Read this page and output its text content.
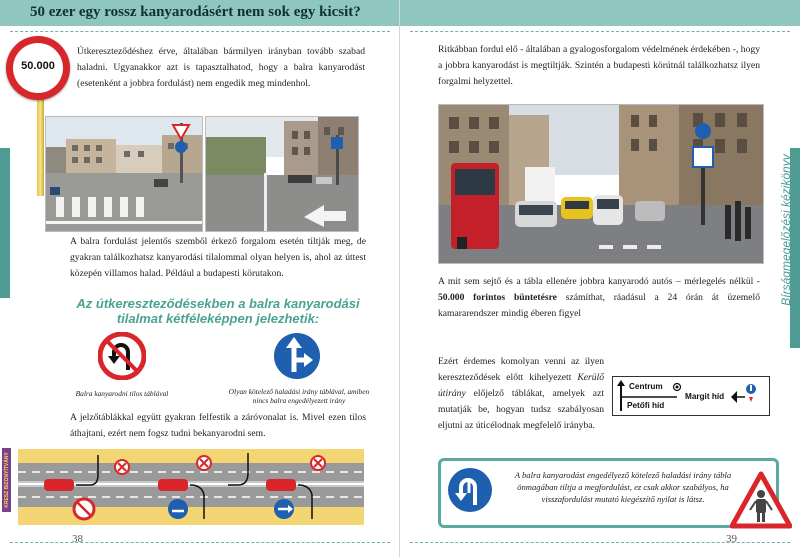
50 ezer egy rossz kanyarodásért nem sok egy kicsit?
50.000

Útkereszteződéshez érve, általában bármilyen irányban tovább szabad haladni. Ugyanakkor azt is tapasztalhatod, hogy a balra kanyarodást (esetenként a jobbra fordulást) nem engedik meg mindenhol.

A balra fordulást jelentős szemből érkező forgalom esetén tiltják meg, de gyakran találkozhatsz kanyarodási tilalommal olyan helyen is, ahol az úttest közepén villamos halad. Például a budapesti körutakon.

Az útkereszteződésekben a balra kanyarodási tilalmat kétféleképpen jelezhetik:

Balra kanyarodni tilos táblával	Olyan kötelező haladási irány táblával, amiben nincs balra engedélyezett irány

A jelzőtáblákkal együtt gyakran felfestik a záróvonalat is. Mivel ezen tilos áthajtani, ezért nem fogsz tudni bekanyarodni sem.

KRESZ BIZONYÍTVÁNY
38

Ritkábban fordul elő - általában a gyalogosforgalom védelmének érdekében -, hogy a jobbra kanyarodást is megtiltják. Szintén a budapesti körútnál találkozhatsz ilyen forgalmi helyzettel.

A mit sem sejtő és a tábla ellenére jobbra kanyarodó autós – mérlegelés nélkül - 50.000 forintos büntetésre számíthat, ráadásul a 24 órán át üzemelő kamararendszer mindig éberen figyel

Ezért érdemes komolyan venni az ilyen kereszteződések előtt kihelyezett Kerülő útirány előjelző táblákat, amelyek azt mutatják be, hogyan tudsz szabályosan eljutni az úticélodnak megfelelő irányba.

Centrum
Petőfi híd
Margit híd
Bírságmegelőzési kézikönyv

A balra kanyarodást engedélyező kötelező haladási irány tábla önmagában tiltja a megfordulást, ez csak akkor szabályos, ha visszafordulást mutató kiegészítő nyilat is látsz.

39
